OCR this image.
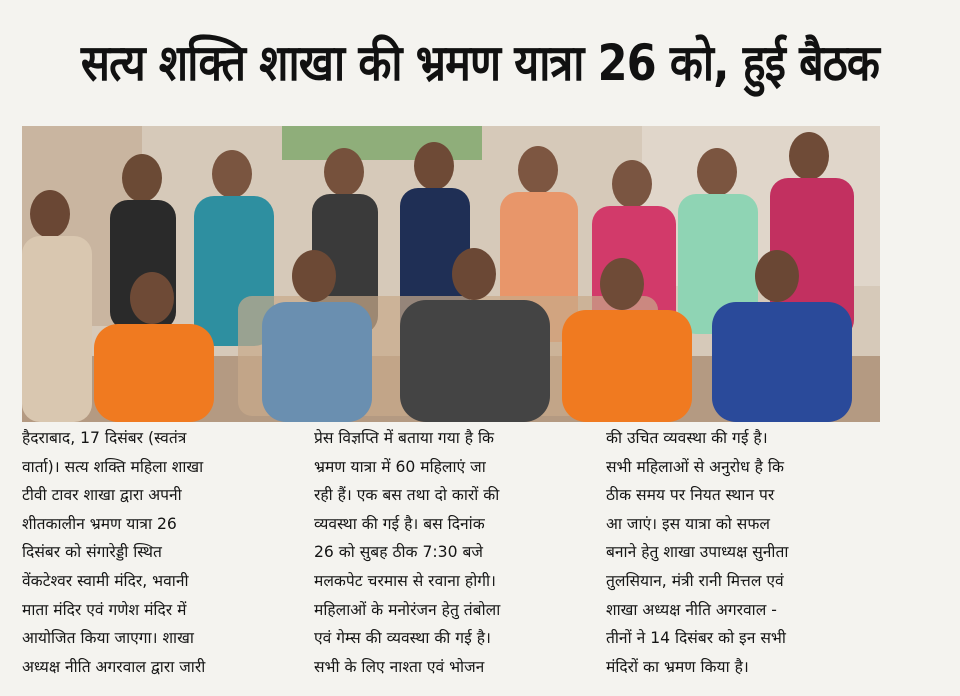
सत्य शक्ति शाखा की भ्रमण यात्रा 26 को, हुई बैठक
हैदराबाद, 17 दिसंबर (स्वतंत्र
वार्ता)। सत्य शक्ति महिला शाखा
टीवी टावर शाखा द्वारा अपनी
शीतकालीन भ्रमण यात्रा 26
दिसंबर को संगारेड्डी स्थित
वेंकटेश्वर स्वामी मंदिर, भवानी
माता मंदिर एवं गणेश मंदिर में
आयोजित किया जाएगा। शाखा
अध्यक्ष नीति अगरवाल द्वारा जारी
प्रेस विज्ञप्ति में बताया गया है कि
भ्रमण यात्रा में 60 महिलाएं जा
रही हैं। एक बस तथा दो कारों की
व्यवस्था की गई है। बस दिनांक
26 को सुबह ठीक 7:30 बजे
मलकपेट चरमास से रवाना होगी।
महिलाओं के मनोरंजन हेतु तंबोला
एवं गेम्स की व्यवस्था की गई है।
सभी के लिए नाश्ता एवं भोजन
की उचित व्यवस्था की गई है।
सभी महिलाओं से अनुरोध है कि
ठीक समय पर नियत स्थान पर
आ जाएं। इस यात्रा को सफल
बनाने हेतु शाखा उपाध्यक्ष सुनीता
तुलसियान, मंत्री रानी मित्तल एवं
शाखा अध्यक्ष नीति अगरवाल -
तीनों ने 14 दिसंबर को इन सभी
मंदिरों का भ्रमण किया है।
